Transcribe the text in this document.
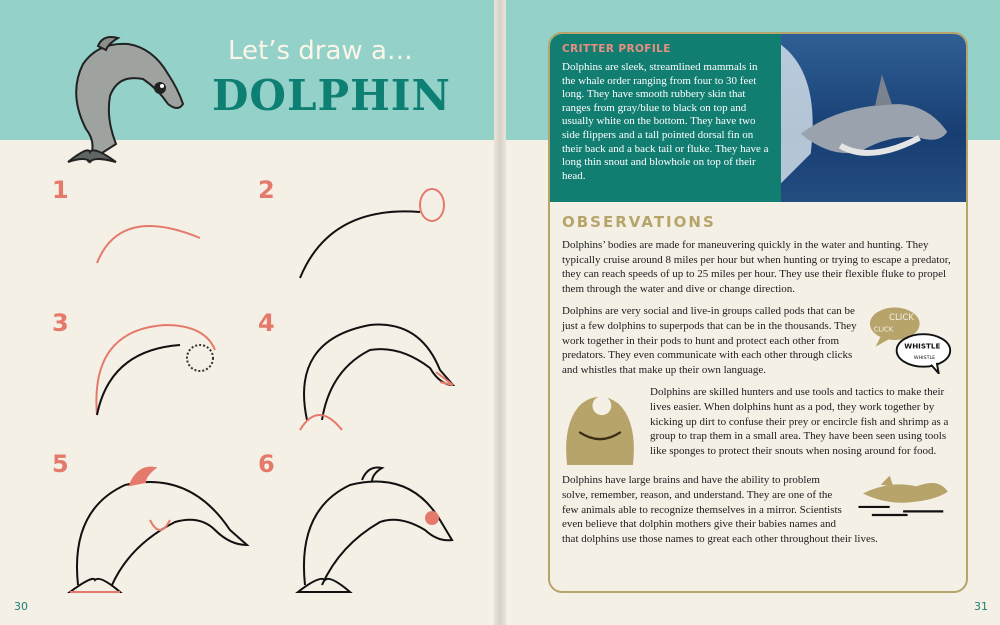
Let’s draw a…
DOLPHIN
1	2
3	4
5	6
30	31
CRITTER PROFILE

Dolphins are sleek, streamlined mammals in the whale order ranging from four to 30 feet long. They have smooth rubbery skin that ranges from gray/blue to black on top and usually white on the bottom. They have two side flippers and a tall pointed dorsal fin on their back and a back tail or fluke. They have a long thin snout and blowhole on top of their head.

OBSERVATIONS

Dolphins’ bodies are made for maneuvering quickly in the water and hunting. They typically cruise around 8 miles per hour but when hunting or trying to escape a predator, they can reach speeds of up to 25 miles per hour. They use their flexible fluke to propel them through the water and dive or change direction.

CLICK
CLICK
WHISTLE
WHISTLE
Dolphins are very social and live-in groups called pods that can be just a few dolphins to superpods that can be in the thousands. They work together in their pods to hunt and protect each other from predators. They even communicate with each other through clicks and whistles that make up their own language.
Dolphins are skilled hunters and use tools and tactics to make their lives easier. When dolphins hunt as a pod, they work together by kicking up dirt to confuse their prey or encircle fish and shrimp as a group to trap them in a small area. They have been seen using tools like sponges to protect their snouts when nosing around for food.
Dolphins have large brains and have the ability to problem solve, remember, reason, and understand. They are one of the few animals able to recognize themselves in a mirror. Scientists even believe that dolphin mothers give their babies names and that dolphins use those names to great each other throughout their lives.
